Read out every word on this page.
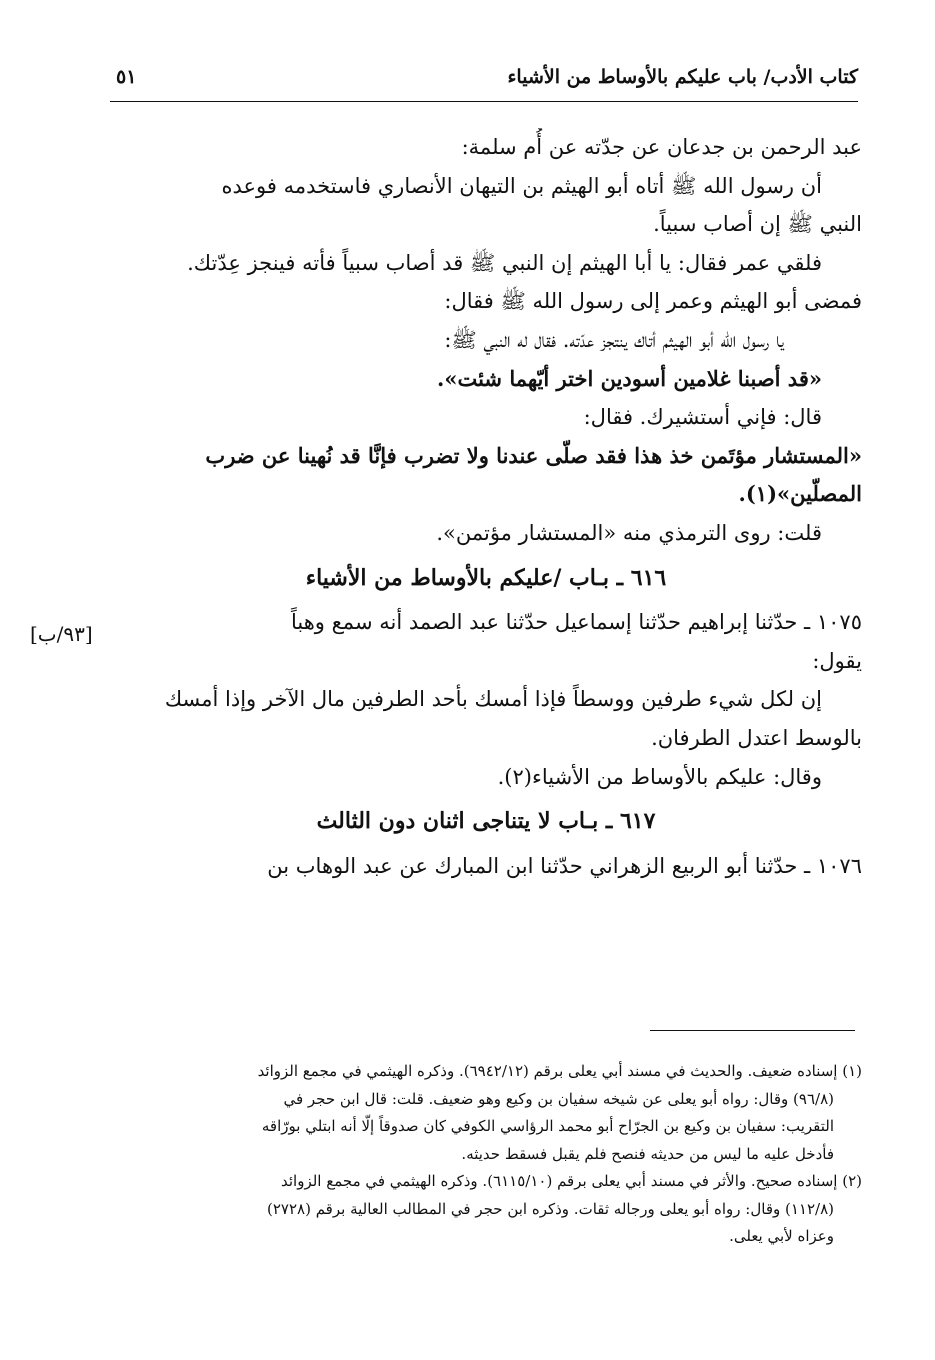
كتاب الأدب/ باب عليكم بالأوساط من الأشياء
٥١
عبد الرحمن بن جدعان عن جدّته عن أُم سلمة:
أن رسول الله ﷺ أتاه أبو الهيثم بن التيهان الأنصاري فاستخدمه فوعده
النبي ﷺ إن أصاب سبياً.
فلقي عمر فقال: يا أبا الهيثم إن النبي ﷺ قد أصاب سبياً فأته فينجز عِدّتك.
فمضى أبو الهيثم وعمر إلى رسول الله ﷺ فقال:
يا رسول الله أبو الهيثم أتاك ينتجز عدّته. فقال له النبي ﷺ:
«قد أصبنا غلامين أسودين اختر أيّهما شئت».
قال: فإني أستشيرك. فقال:
«المستشار مؤتَمن خذ هذا فقد صلّى عندنا ولا تضرب فإنَّا قد نُهينا عن ضرب
المصلّين»(١).
قلت: روى الترمذي منه «المستشار مؤتمن».
٦١٦ ـ بـاب /عليكم بالأوساط من الأشياء
١٠٧٥ ـ حدّثنا إبراهيم حدّثنا إسماعيل حدّثنا عبد الصمد أنه سمع وهباً
يقول:
إن لكل شيء طرفين ووسطاً فإذا أمسك بأحد الطرفين مال الآخر وإذا أمسك
بالوسط اعتدل الطرفان.
وقال: عليكم بالأوساط من الأشياء(٢).
٦١٧ ـ بـاب لا يتناجى اثنان دون الثالث
١٠٧٦ ـ حدّثنا أبو الربيع الزهراني حدّثنا ابن المبارك عن عبد الوهاب بن
[٩٣/ب]
(١) إسناده ضعيف. والحديث في مسند أبي يعلى برقم (٦٩٤٢/١٢). وذكره الهيثمي في مجمع الزوائد
(٩٦/٨) وقال: رواه أبو يعلى عن شيخه سفيان بن وكيع وهو ضعيف. قلت: قال ابن حجر في
التقريب: سفيان بن وكيع بن الجرّاح أبو محمد الرؤاسي الكوفي كان صدوقاً إلّا أنه ابتلي بورّاقه
فأدخل عليه ما ليس من حديثه فنصح فلم يقبل فسقط حديثه.
(٢) إسناده صحيح. والأثر في مسند أبي يعلى برقم (٦١١٥/١٠). وذكره الهيثمي في مجمع الزوائد
(١١٢/٨) وقال: رواه أبو يعلى ورجاله ثقات. وذكره ابن حجر في المطالب العالية برقم (٢٧٢٨)
وعزاه لأبي يعلى.
